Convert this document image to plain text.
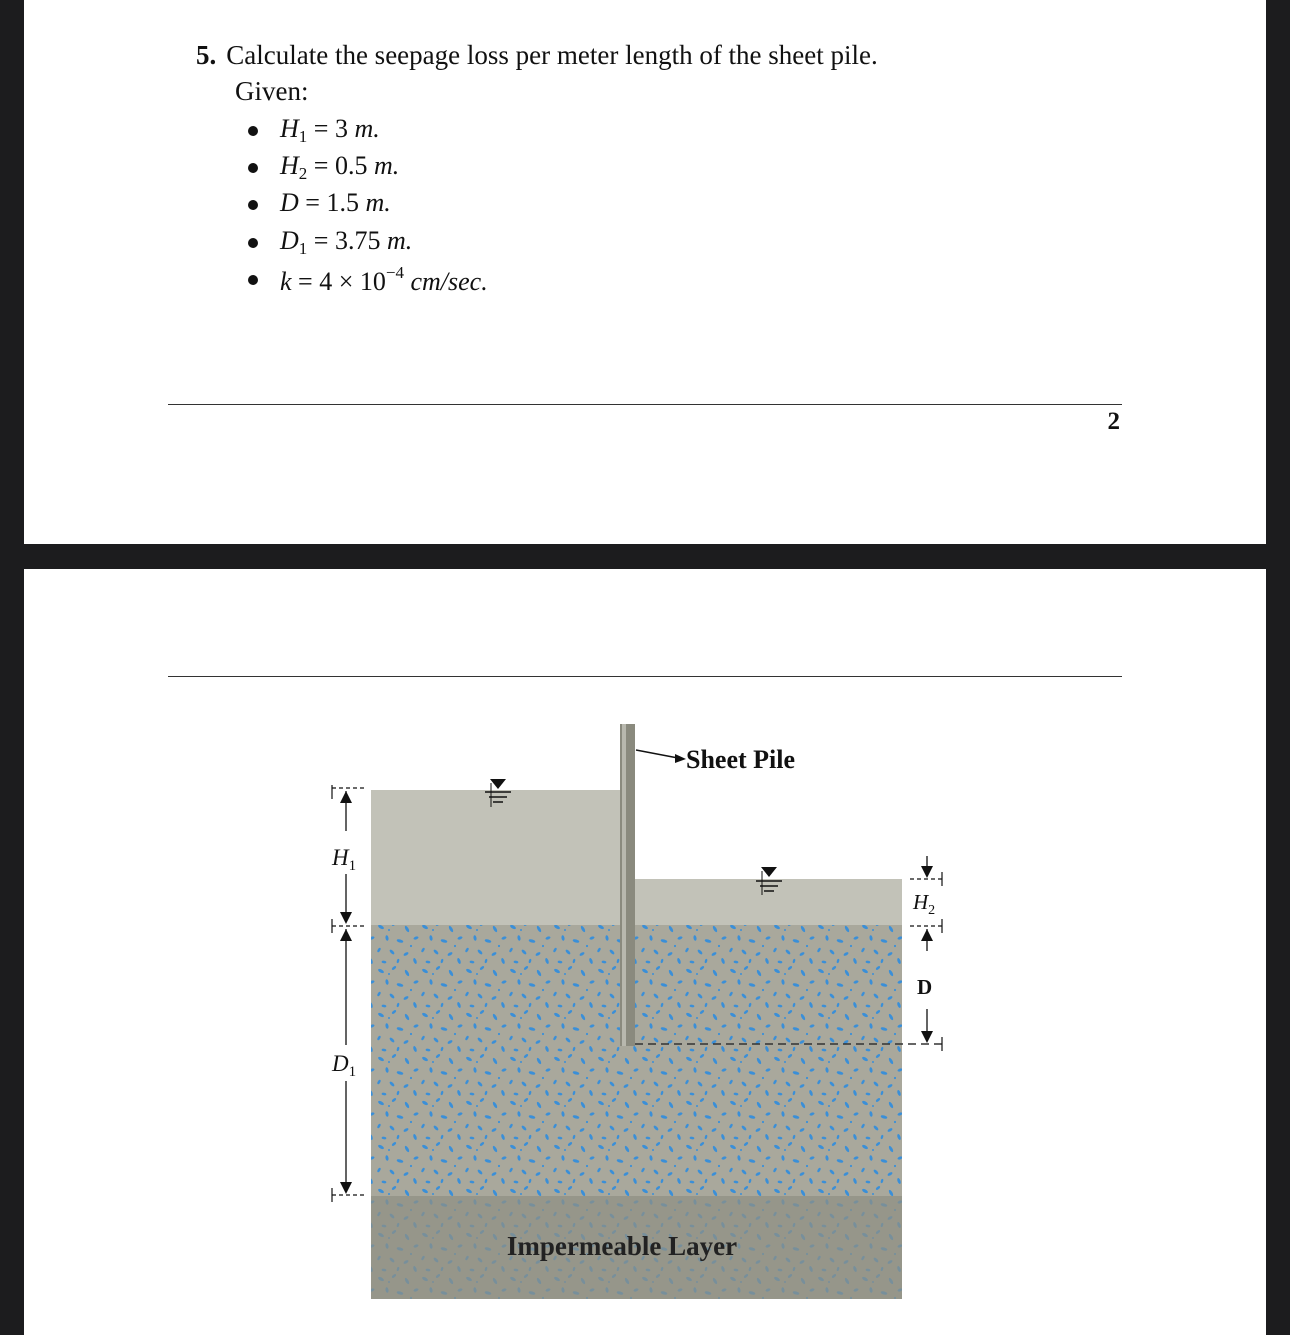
5. Calculate the seepage loss per meter length of the sheet pile.
Given:
$H_1 = 3$ m.
$H_2 = 0.5$ m.
D = 1.5 m.
$D_1 = 3.75$ m.
$k = 4 \times 10^{-4}$ cm/sec.
2
Sheet Pile
$H_1$
$D_1$
$H_2$
D
Impermeable Layer
